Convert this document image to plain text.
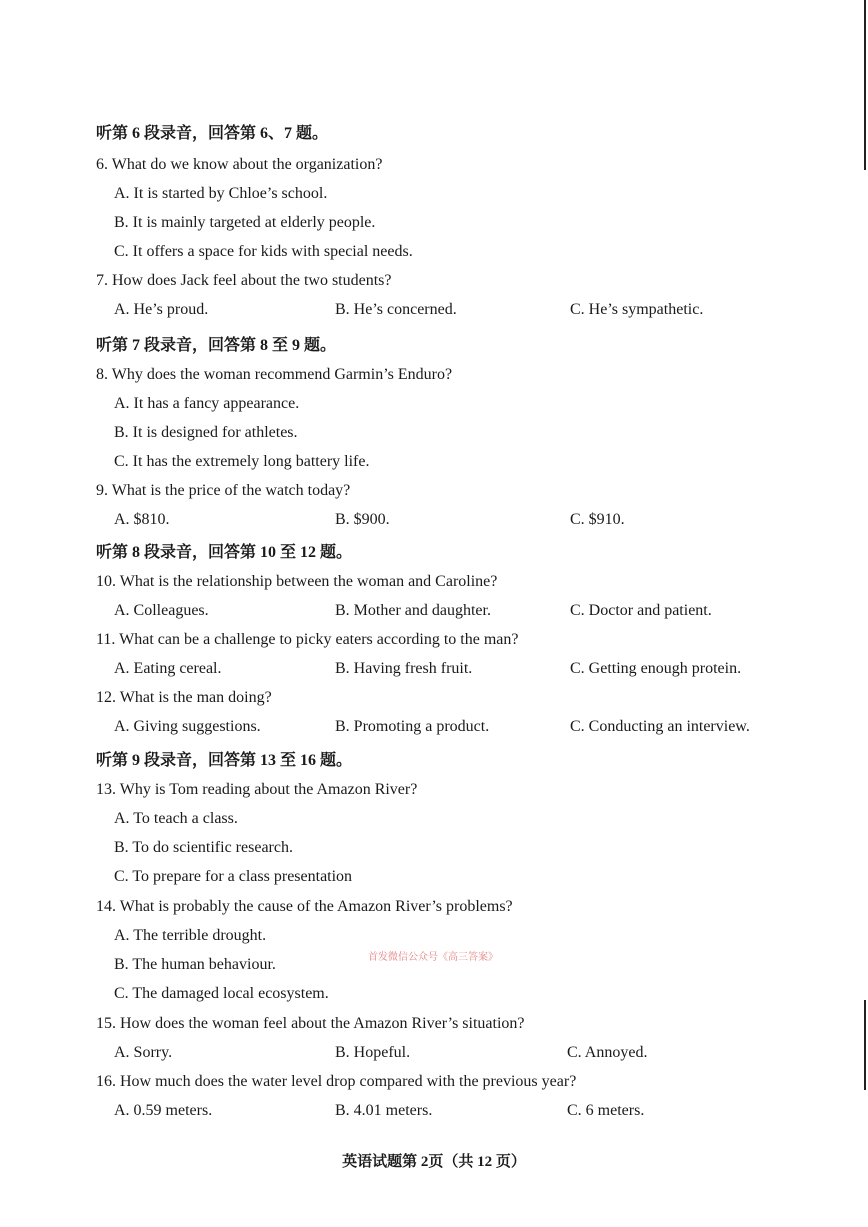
听第 6 段录音，回答第 6、7 题。
6. What do we know about the organization?
A. It is started by Chloe’s school.
B. It is mainly targeted at elderly people.
C. It offers a space for kids with special needs.
7. How does Jack feel about the two students?
A. He’s proud.	B. He’s concerned.	C. He’s sympathetic.
听第 7 段录音，回答第 8 至 9 题。
8. Why does the woman recommend Garmin’s Enduro?
A. It has a fancy appearance.
B. It is designed for athletes.
C. It has the extremely long battery life.
9. What is the price of the watch today?
A. $810.	B. $900.	C. $910.
听第 8 段录音，回答第 10 至 12 题。
10. What is the relationship between the woman and Caroline?
A. Colleagues.	B. Mother and daughter.	C. Doctor and patient.
11. What can be a challenge to picky eaters according to the man?
A. Eating cereal.	B. Having fresh fruit.	C. Getting enough protein.
12. What is the man doing?
A. Giving suggestions.	B. Promoting a product.	C. Conducting an interview.
听第 9 段录音，回答第 13 至 16 题。
13. Why is Tom reading about the Amazon River?
A. To teach a class.
B. To do scientific research.
C. To prepare for a class presentation
14. What is probably the cause of the Amazon River’s problems?
A. The terrible drought.
B. The human behaviour.
C. The damaged local ecosystem.
首发微信公众号《高三答案》
15. How does the woman feel about the Amazon River’s situation?
A. Sorry.	B. Hopeful.	C. Annoyed.
16. How much does the water level drop compared with the previous year?
A. 0.59 meters.	B. 4.01 meters.	C. 6 meters.
英语试题第 2页（共 12 页）
